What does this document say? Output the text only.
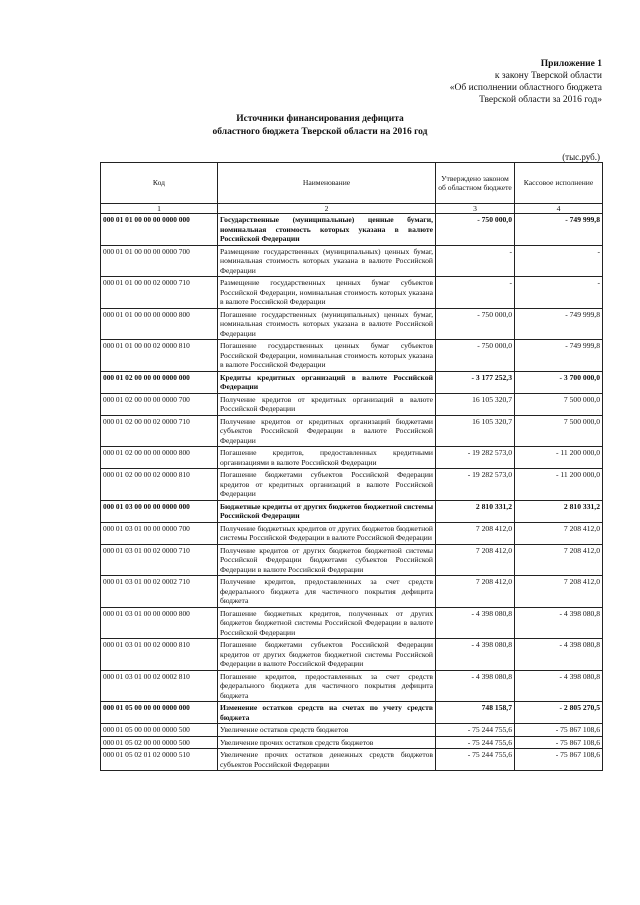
Приложение 1
к закону Тверской области
«Об исполнении областного бюджета
Тверской области за 2016 год»
Источники финансирования дефицита
областного бюджета Тверской области на 2016 год
(тыс.руб.)
Код	Наименование	Утверждено законом об областном бюджете	Кассовое исполнение
1	2	3	4
000 01 01 00 00 00 0000 000	Государственные (муниципальные) ценные бумаги, номинальная стоимость которых указана в валюте Российской Федерации	- 750 000,0	- 749 999,8
000 01 01 00 00 00 0000 700	Размещение государственных (муниципальных) ценных бумаг, номинальная стоимость которых указана в валюте Российской Федерации	-	-
000 01 01 00 00 02 0000 710	Размещение государственных ценных бумаг субъектов Российской Федерации, номинальная стоимость которых указана в валюте Российской Федерации	-	-
000 01 01 00 00 00 0000 800	Погашение государственных (муниципальных) ценных бумаг, номинальная стоимость которых указана в валюте Российской Федерации	- 750 000,0	- 749 999,8
000 01 01 00 00 02 0000 810	Погашение государственных ценных бумаг субъектов Российской Федерации, номинальная стоимость которых указана в валюте Российской Федерации	- 750 000,0	- 749 999,8
000 01 02 00 00 00 0000 000	Кредиты кредитных организаций в валюте Российской Федерации	- 3 177 252,3	- 3 700 000,0
000 01 02 00 00 00 0000 700	Получение кредитов от кредитных организаций в валюте Российской Федерации	16 105 320,7	7 500 000,0
000 01 02 00 00 02 0000 710	Получение кредитов от кредитных организаций бюджетами субъектов Российской Федерации в валюте Российской Федерации	16 105 320,7	7 500 000,0
000 01 02 00 00 00 0000 800	Погашение кредитов, предоставленных кредитными организациями в валюте Российской Федерации	- 19 282 573,0	- 11 200 000,0
000 01 02 00 00 02 0000 810	Погашение бюджетами субъектов Российской Федерации кредитов от кредитных организаций в валюте Российской Федерации	- 19 282 573,0	- 11 200 000,0
000 01 03 00 00 00 0000 000	Бюджетные кредиты от других бюджетов бюджетной системы Российской Федерации	2 810 331,2	2 810 331,2
000 01 03 01 00 00 0000 700	Получение бюджетных кредитов от других бюджетов бюджетной системы Российской Федерации в валюте Российской Федерации	7 208 412,0	7 208 412,0
000 01 03 01 00 02 0000 710	Получение кредитов от других бюджетов бюджетной системы Российской Федерации бюджетами субъектов Российской Федерации в валюте Российской Федерации	7 208 412,0	7 208 412,0
000 01 03 01 00 02 0002 710	Получение кредитов, предоставленных за счет средств федерального бюджета для частичного покрытия дефицита бюджета	7 208 412,0	7 208 412,0
000 01 03 01 00 00 0000 800	Погашение бюджетных кредитов, полученных от других бюджетов бюджетной системы Российской Федерации в валюте Российской Федерации	- 4 398 080,8	- 4 398 080,8
000 01 03 01 00 02 0000 810	Погашение бюджетами субъектов Российской Федерации кредитов от других бюджетов бюджетной системы Российской Федерации в валюте Российской Федерации	- 4 398 080,8	- 4 398 080,8
000 01 03 01 00 02 0002 810	Погашение кредитов, предоставленных за счет средств федерального бюджета для частичного покрытия дефицита бюджета	- 4 398 080,8	- 4 398 080,8
000 01 05 00 00 00 0000 000	Изменение остатков средств на счетах по учету средств бюджета	748 158,7	- 2 805 270,5
000 01 05 00 00 00 0000 500	Увеличение остатков средств бюджетов	- 75 244 755,6	- 75 867 108,6
000 01 05 02 00 00 0000 500	Увеличение прочих остатков средств бюджетов	- 75 244 755,6	- 75 867 108,6
000 01 05 02 01 02 0000 510	Увеличение прочих остатков денежных средств бюджетов субъектов Российской Федерации	- 75 244 755,6	- 75 867 108,6
